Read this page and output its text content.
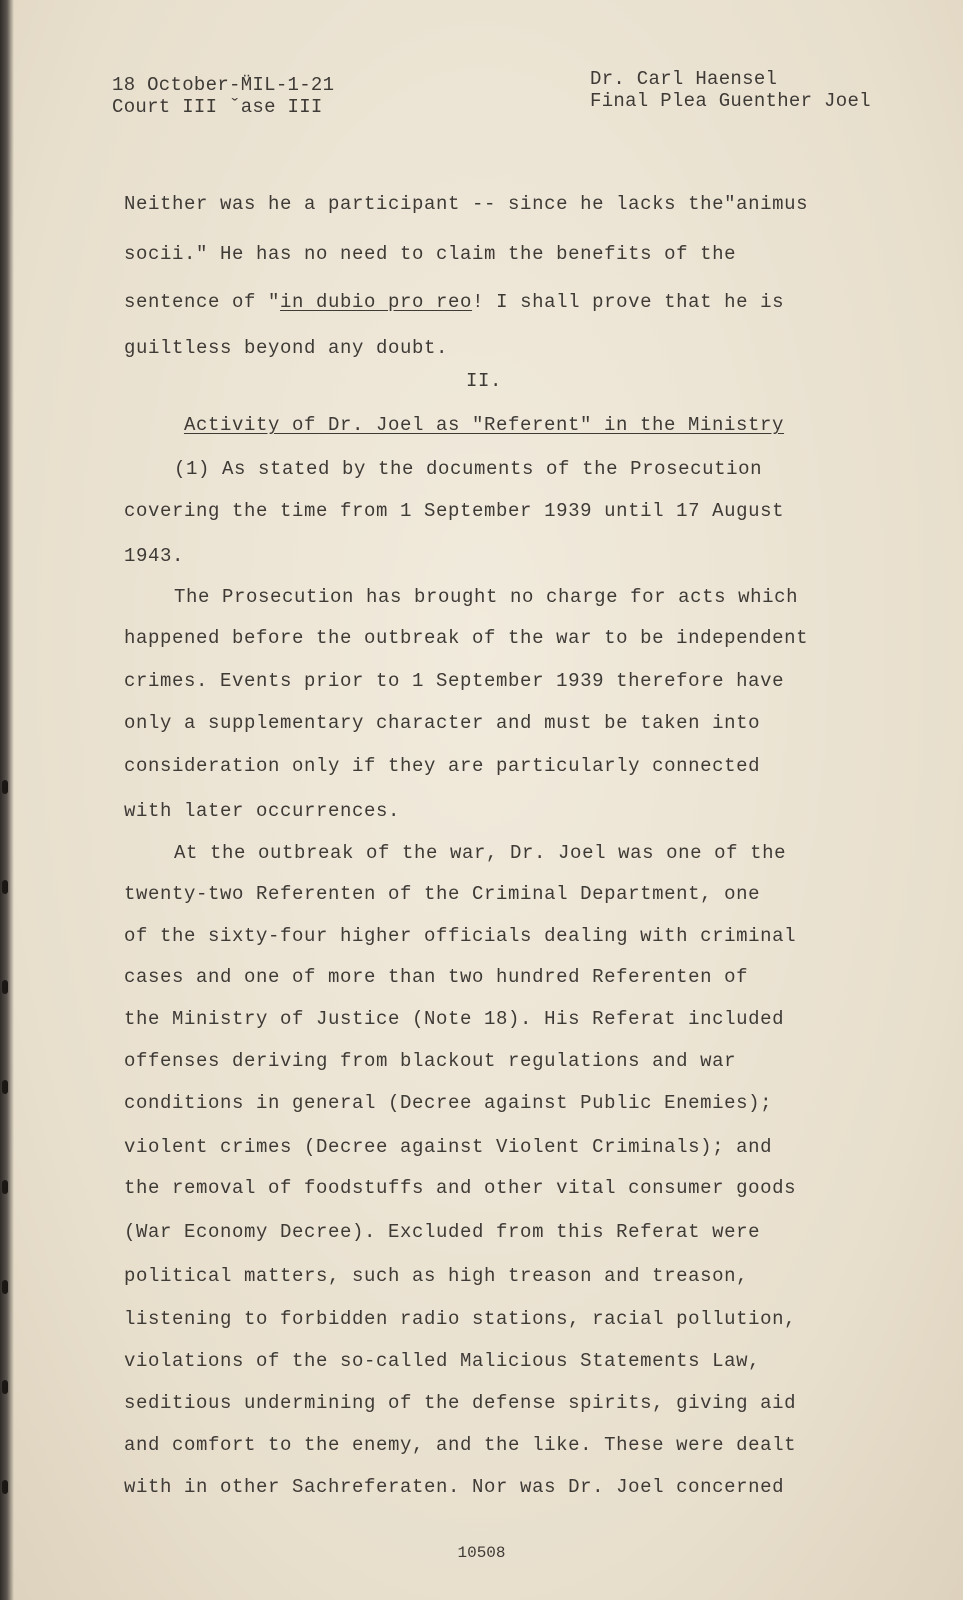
18 October-M̈IL-1-21
Court III ˇase III
Dr. Carl Haensel
Final Plea Guenther Joel
Neither was he a participant -- since he lacks the"animus
socii." He has no need to claim the benefits of the
sentence of "in dubio pro reo! I shall prove that he is
guiltless beyond any doubt.
II.
Activity of Dr. Joel as "Referent" in the Ministry
(1) As stated by the documents of the Prosecution
covering the time from 1 September 1939 until 17 August
1943.
The Prosecution has brought no charge for acts which
happened before the outbreak of the war to be independent
crimes. Events prior to 1 September 1939 therefore have
only a supplementary character and must be taken into
consideration only if they are particularly connected
with later occurrences.
At the outbreak of the war, Dr. Joel was one of the
twenty-two Referenten of the Criminal Department, one
of the sixty-four higher officials dealing with criminal
cases and one of more than two hundred Referenten of
the Ministry of Justice (Note 18). His Referat included
offenses deriving from blackout regulations and war
conditions in general (Decree against Public Enemies);
violent crimes (Decree against Violent Criminals); and
the removal of foodstuffs and other vital consumer goods
(War Economy Decree). Excluded from this Referat were
political matters, such as high treason and treason,
listening to forbidden radio stations, racial pollution,
violations of the so-called Malicious Statements Law,
seditious undermining of the defense spirits, giving aid
and comfort to the enemy, and the like. These were dealt
with in other Sachreferaten. Nor was Dr. Joel concerned
10508
